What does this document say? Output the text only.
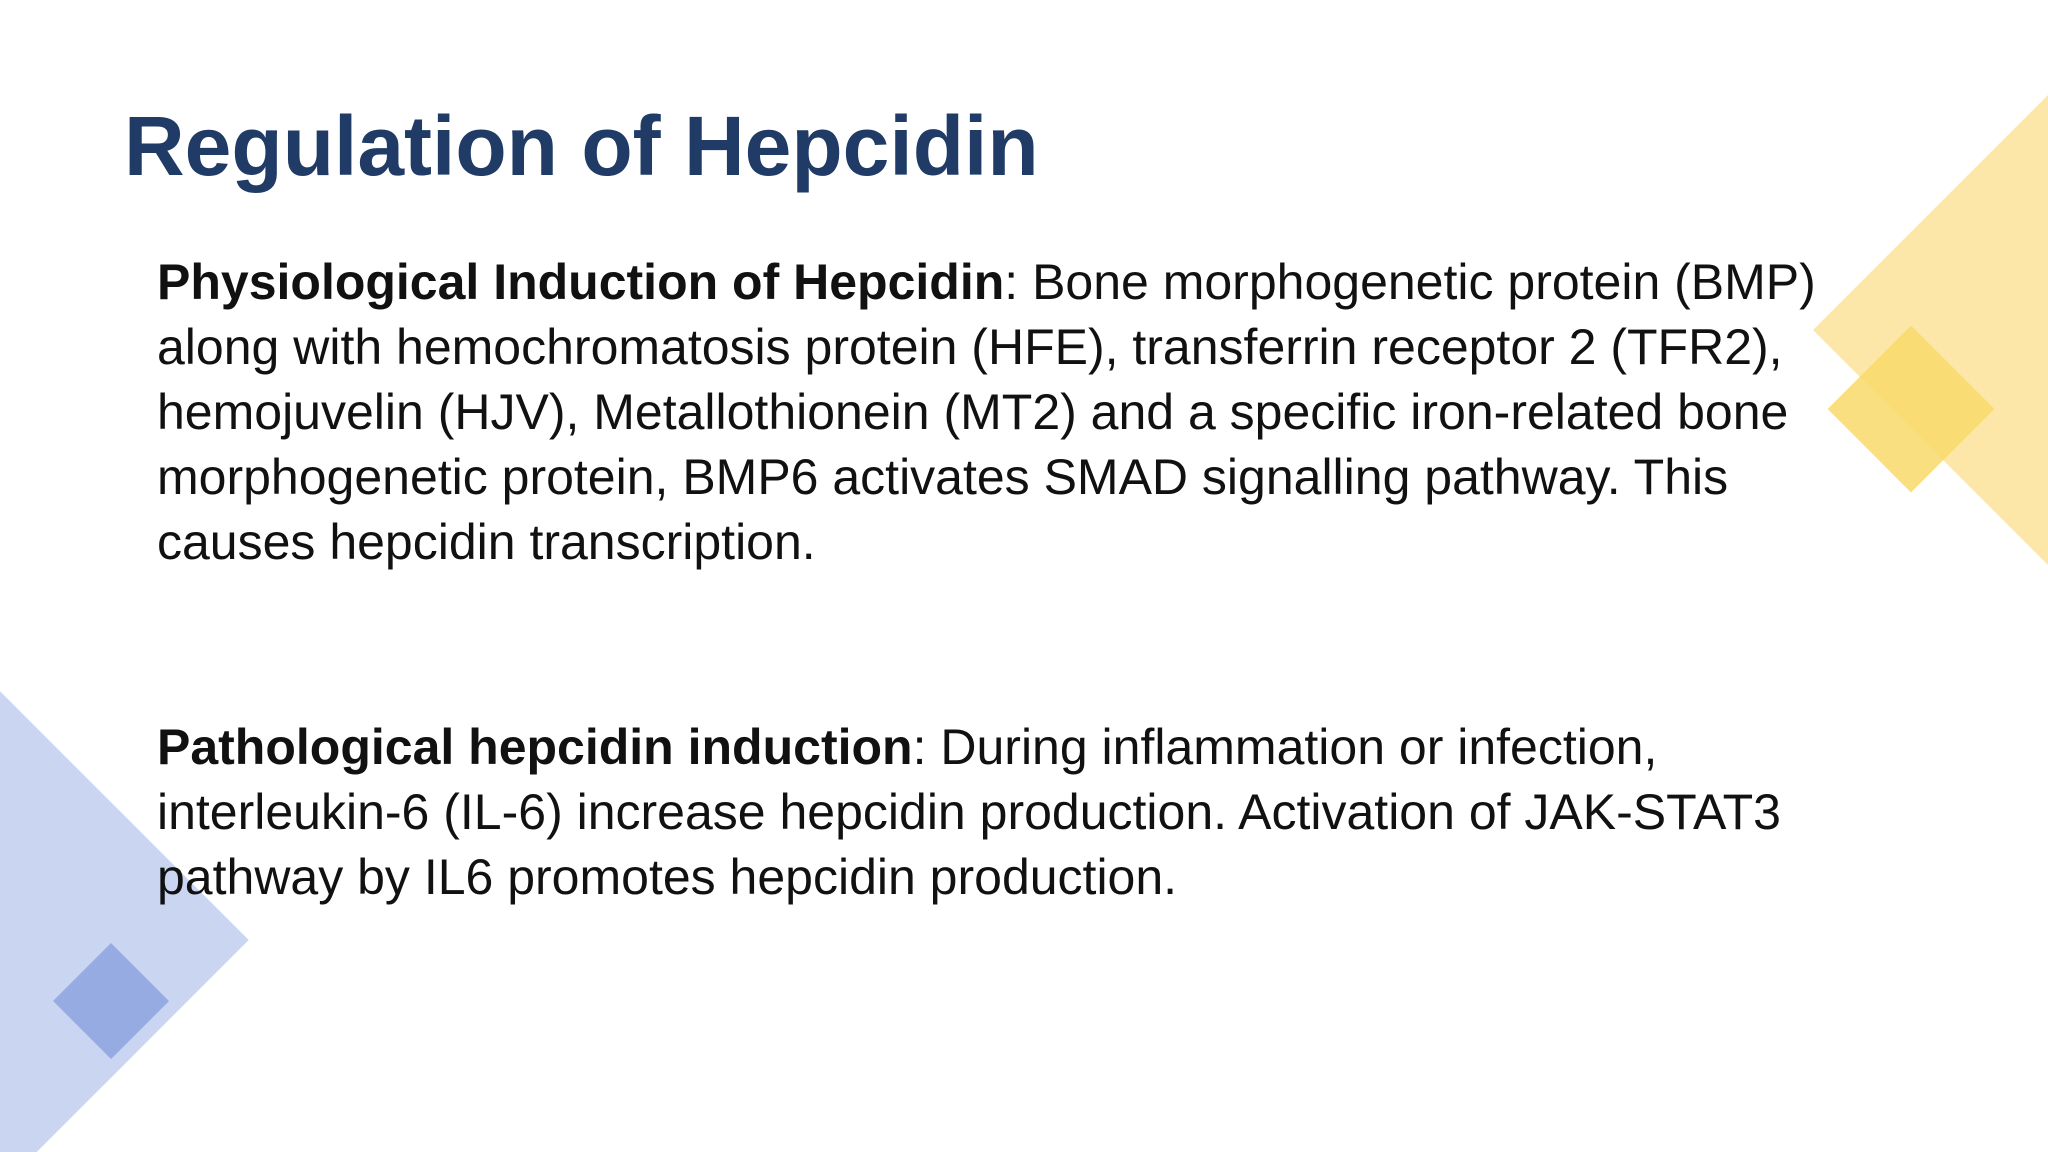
Regulation of Hepcidin

Physiological Induction of Hepcidin: Bone morphogenetic protein (BMP) along with hemochromatosis protein (HFE), transferrin receptor 2 (TFR2), hemojuvelin (HJV), Metallothionein (MT2) and a specific iron-related bone morphogenetic protein, BMP6 activates SMAD signalling pathway. This causes hepcidin transcription.

Pathological hepcidin induction: During inflammation or infection, interleukin-6 (IL-6) increase hepcidin production. Activation of JAK-STAT3 pathway by IL6 promotes hepcidin production.
